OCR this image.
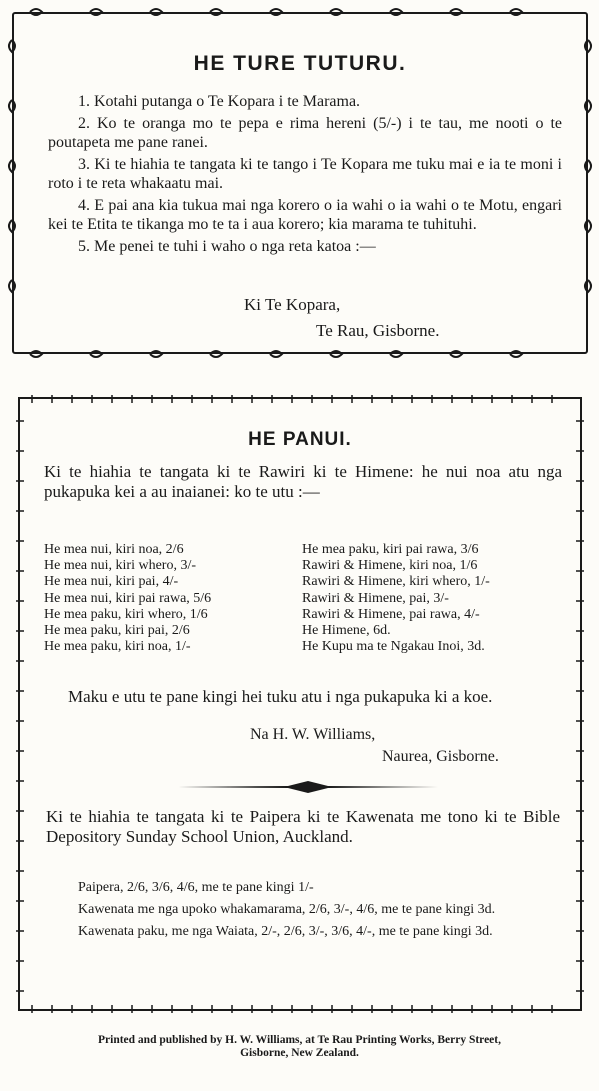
HE TURE TUTURU.

1. Kotahi putanga o Te Kopara i te Marama.

2. Ko te oranga mo te pepa e rima hereni (5/-) i te tau, me nooti o te poutapeta me pane ranei.

3. Ki te hiahia te tangata ki te tango i Te Kopara me tuku mai e ia te moni i roto i te reta whakaatu mai.

4. E pai ana kia tukua mai nga korero o ia wahi o ia wahi o te Motu, engari kei te Etita te tikanga mo te ta i aua korero; kia marama te tuhituhi.

5. Me penei te tuhi i waho o nga reta katoa :—

Ki Te Kopara,
Te Rau, Gisborne.
HE PANUI.
Ki te hiahia te tangata ki te Rawiri ki te Himene: he nui noa atu nga pukapuka kei a au inaianei: ko te utu :—
He mea nui, kiri noa, 2/6
He mea nui, kiri whero, 3/-
He mea nui, kiri pai, 4/-
He mea nui, kiri pai rawa, 5/6
He mea paku, kiri whero, 1/6
He mea paku, kiri pai, 2/6
He mea paku, kiri noa, 1/-
He mea paku, kiri pai rawa, 3/6
Rawiri & Himene, kiri noa, 1/6
Rawiri & Himene, kiri whero, 1/-
Rawiri & Himene, pai, 3/-
Rawiri & Himene, pai rawa, 4/-
He Himene, 6d.
He Kupu ma te Ngakau Inoi, 3d.
Maku e utu te pane kingi hei tuku atu i nga pukapuka ki a koe.
Na H. W. Williams,
Naurea, Gisborne.
Ki te hiahia te tangata ki te Paipera ki te Kawenata me tono ki te Bible Depository Sunday School Union, Auckland.

Paipera, 2/6, 3/6, 4/6, me te pane kingi 1/-

Kawenata me nga upoko whakamarama, 2/6, 3/-, 4/6, me te pane kingi 3d.

Kawenata paku, me nga Waiata, 2/-, 2/6, 3/-, 3/6, 4/-, me te pane kingi 3d.

Printed and published by H. W. Williams, at Te Rau Printing Works, Berry Street,
Gisborne, New Zealand.
